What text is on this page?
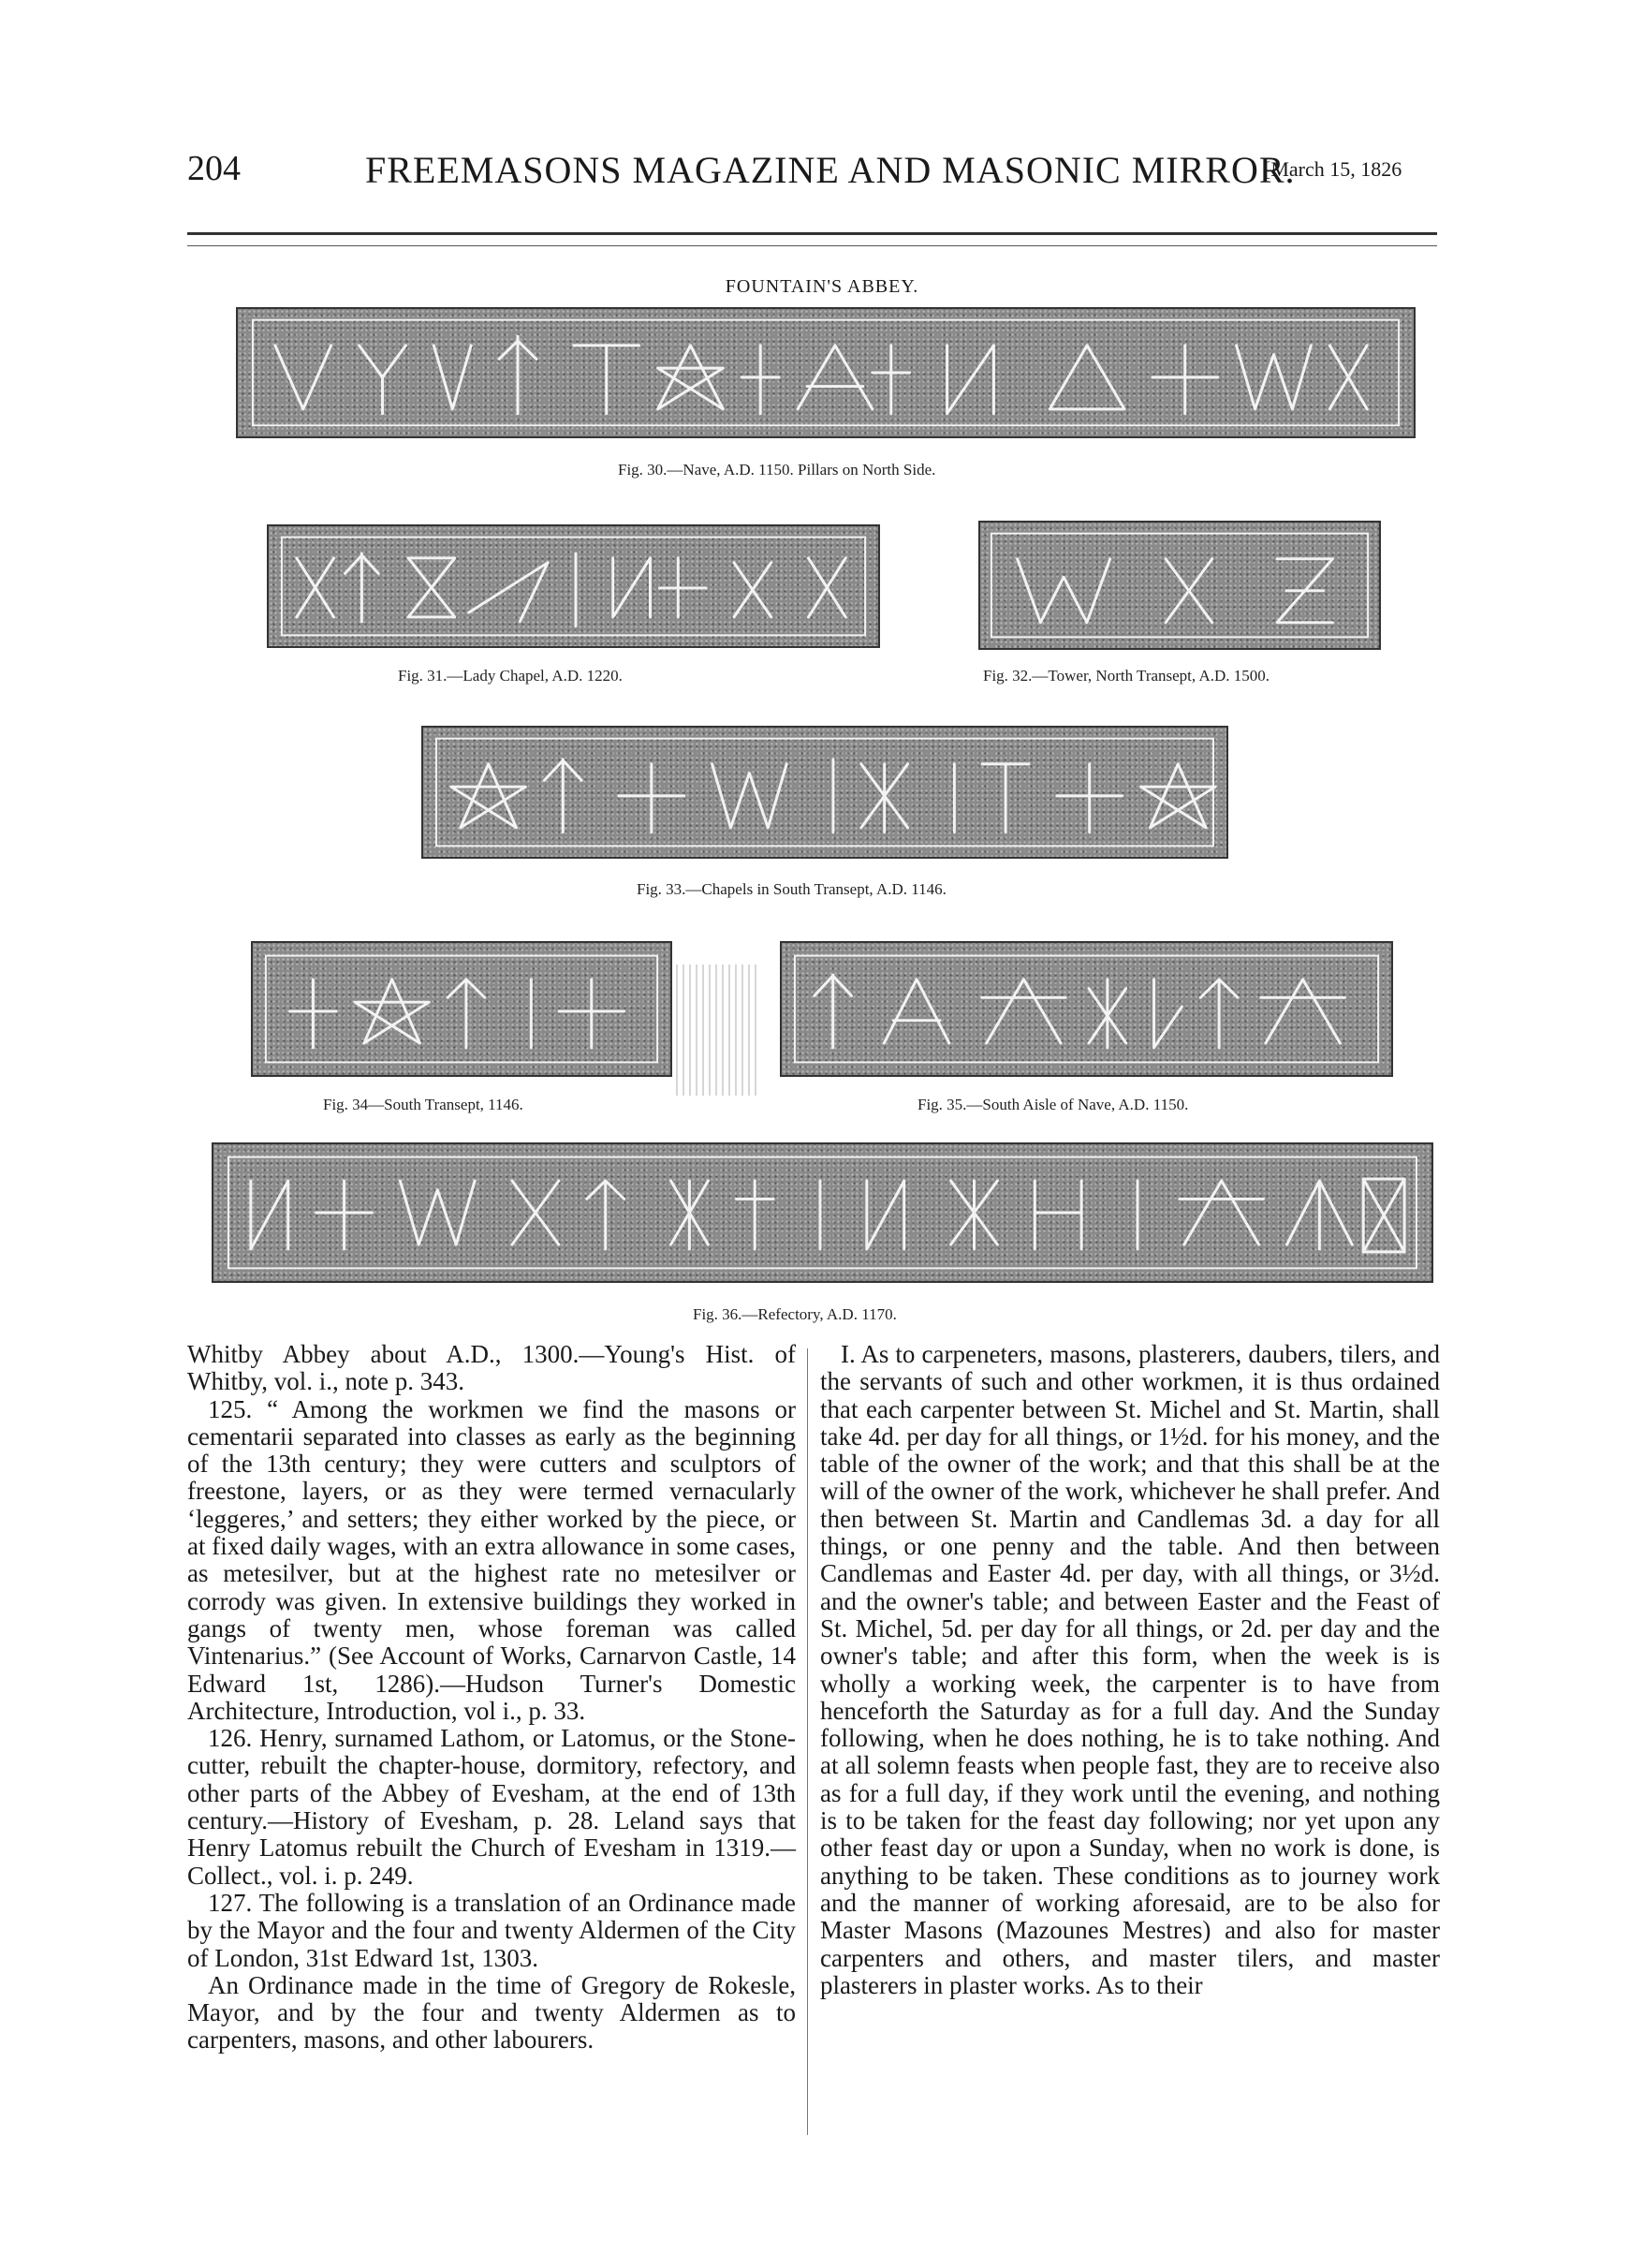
204	FREEMASONS MAGAZINE AND MASONIC MIRROR.
[March 15, 1826
FOUNTAIN'S ABBEY.
Fig. 30.—Nave, A.D. 1150. Pillars on North Side.
Fig. 31.—Lady Chapel, A.D. 1220.	Fig. 32.—Tower, North Transept, A.D. 1500.
Fig. 33.—Chapels in South Transept, A.D. 1146.
Fig. 34—South Transept, 1146.	Fig. 35.—South Aisle of Nave, A.D. 1150.
Fig. 36.—Refectory, A.D. 1170.

Whitby Abbey about A.D., 1300.—Young's Hist. of Whitby, vol. i., note p. 343.

125. “ Among the workmen we find the masons or cementarii separated into classes as early as the beginning of the 13th century; they were cutters and sculptors of freestone, layers, or as they were termed vernacularly ‘leggeres,’ and setters; they either worked by the piece, or at fixed daily wages, with an extra allowance in some cases, as metesilver, but at the highest rate no metesilver or corrody was given. In extensive buildings they worked in gangs of twenty men, whose foreman was called Vintenarius.” (See Account of Works, Carnarvon Castle, 14 Edward 1st, 1286).—Hudson Turner's Domestic Architecture, Introduction, vol i., p. 33.

126. Henry, surnamed Lathom, or Latomus, or the Stone-cutter, rebuilt the chapter-house, dormitory, refectory, and other parts of the Abbey of Evesham, at the end of 13th century.—History of Evesham, p. 28. Leland says that Henry Latomus rebuilt the Church of Evesham in 1319.—Collect., vol. i. p. 249.

127. The following is a translation of an Ordinance made by the Mayor and the four and twenty Aldermen of the City of London, 31st Edward 1st, 1303.

An Ordinance made in the time of Gregory de Rokesle, Mayor, and by the four and twenty Aldermen as to carpenters, masons, and other labourers.

I. As to carpeneters, masons, plasterers, daubers, tilers, and the servants of such and other workmen, it is thus ordained that each carpenter between St. Michel and St. Martin, shall take 4d. per day for all things, or 1½d. for his money, and the table of the owner of the work; and that this shall be at the will of the owner of the work, whichever he shall prefer. And then between St. Martin and Candlemas 3d. a day for all things, or one penny and the table. And then between Candlemas and Easter 4d. per day, with all things, or 3½d. and the owner's table; and between Easter and the Feast of St. Michel, 5d. per day for all things, or 2d. per day and the owner's table; and after this form, when the week is is wholly a working week, the carpenter is to have from henceforth the Saturday as for a full day. And the Sunday following, when he does nothing, he is to take nothing. And at all solemn feasts when people fast, they are to receive also as for a full day, if they work until the evening, and nothing is to be taken for the feast day following; nor yet upon any other feast day or upon a Sunday, when no work is done, is anything to be taken. These conditions as to journey work and the manner of working aforesaid, are to be also for Master Masons (Mazounes Mestres) and also for master carpenters and others, and master tilers, and master plasterers in plaster works. As to their
